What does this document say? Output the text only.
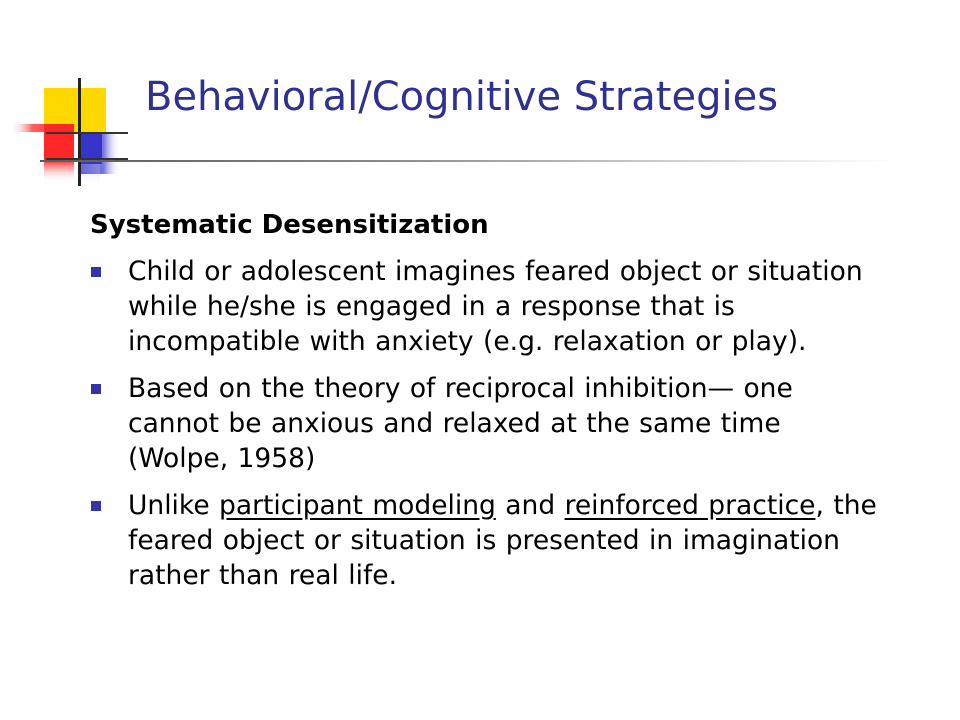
Behavioral/Cognitive Strategies

Systematic Desensitization

Child or adolescent imagines feared object or situation while he/she is engaged in a response that is incompatible with anxiety (e.g. relaxation or play).
Based on the theory of reciprocal inhibition— one cannot be anxious and relaxed at the same time (Wolpe, 1958)
Unlike participant modeling and reinforced practice, the feared object or situation is presented in imagination rather than real life.
